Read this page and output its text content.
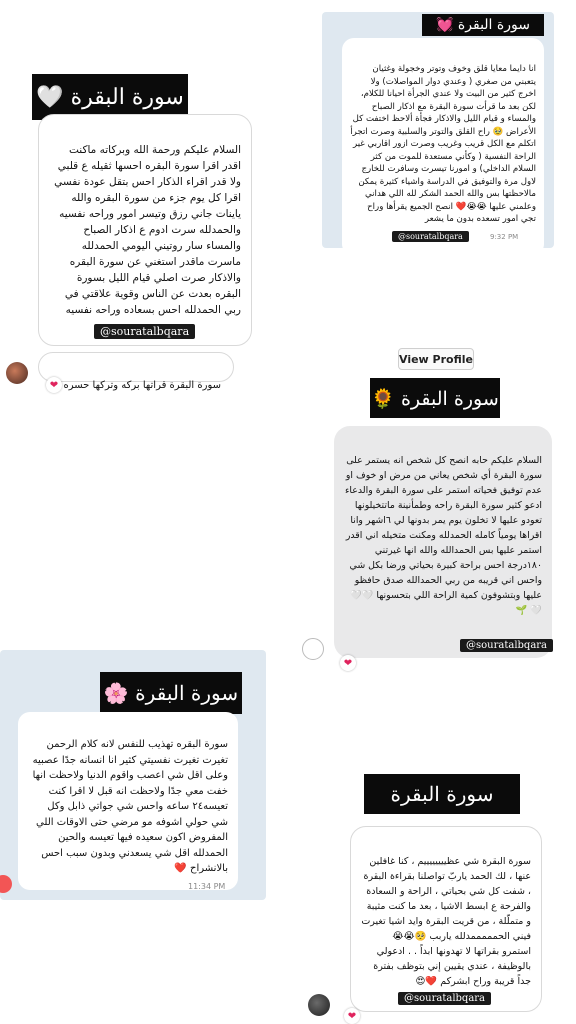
سورة البقرة 💓

انا دايما معايا قلق وخوف وتوتر وخجولة وغثيان يتعبني من صغري ( وعندي دوار المواصلات) ولا اخرج كثير من البيت ولا عندي الجرأة احيانا للكلام، لكن بعد ما قرأت سورة البقرة مع اذكار الصباح والمساء و قيام الليل والاذكار فجأة ألاحظ اختفت كل الأعراض 🥹 راح القلق والتوتر والسلبية وصرت اتجرأ اتكلم مع الكل قريب وغريب وصرت ازور اقاربي غير الراحة النفسية ( وكأني مستعدة للموت من كثر السلام الداخلي) و امورنا تيسرت وسافرت للخارج لاول مرة والتوفيق في الدراسة واشياء كثيرة يمكن مالاحظتها بس والله الحمد الشكر لله اللي هداني وعلمني عليها 😭😭❤️ انصح الجميع يقرأها وراح تجي امور تسعده بدون ما يشعر

@souratalbqara	9:32 PM
View Profile
سورة البقرة 🤍

السلام عليكم ورحمة الله وبركاته ماكنت اقدر اقرا سورة البقره احسها ثقيله ع قلبي ولا قدر اقراء الذكار احس بتقل عودة نفسي اقرا كل يوم جزء من سورة البقره والله ياينات جاني رزق وتيسر امور وراحه نفسيه والحمدلله سرت ادوم ع اذكار الصباح والمساء سار روتيني اليومي الحمدلله ماسرت ماقدر استغني عن سورة البقره والاذكار صرت اصلي قيام الليل بسورة البقره بعدت عن الناس وقوية علاقتي في ربي الحمدلله احس بسعاده وراحه نفسيه

@souratalbqara

سورة البقرة قراتها بركه وتركها حسره

❤
سورة البقرة 🌻

السلام عليكم حابه انصح كل شخص انه يستمر على سورة البقرة أي شخص يعاني من مرض او خوف او عدم توفيق فحياته استمر على سورة البقرة والدعاء ادعو كثير سورة البقرة راحه وطمأنينة ماتتخيلونها تعودو عليها لا تخلون يوم يمر بدونها لي ٦اشهر وانا اقراها يومياً كامله الحمدلله ومكنت متخيله اني اقدر استمر عليها بس الحمدالله والله انها غيرتني ١٨٠درجة احس براحة كبيرة بحياتي ورضا بكل شي واحس اني قريبه من ربي الحمدالله صدق حافظو عليها وبتشوفون كمية الراحة اللي بتحسونها 🤍🤍🤍 🌱

@souratalbqara
❤
سورة البقرة 🌸

سورة البقره تهذيب للنفس لانه كلام الرحمن تغيرت تغيرت نفسيتي كثير انا انسانه جدًا عصبيه وعلى اقل شي اعصب واقوم الدنيا ولاحظت انها خفت معي جدًا ولاحظت انه قبل لا اقرا كنت تعيسه٢٤ ساعه واحس شي جواتي ذابل وكل شي حولي اشوفه مو مرضي حتى الاوقات اللي المفروض اكون سعيده فيها تعيسه والحين الحمدلله اقل شي يسعدني وبدون سبب احس بالانشراح ❤️

11:34 PM
سورة البقرة

سورة البقرة شي عظييييييييم ، كنا غافلين عنها ، لك الحمد ياربّ تواصلنا بقراءة البقرة ، شفت كل شي بحياتي ، الراحة و السعادة والفرحة ع ابسط الاشيا ، بعد ما كنت مثيبة و متملّلة ، من قريت البقرة وايد اشيا تغيرت فيني الحمممممدلله ياربب 🥺😭😭 استمرو بقراتها لا تهدونها ابداً . . ادعولي بالوظيفة ، عندي يقيين إني بتوظف بفترة جداً قريبة وراح ابشركم ❤️😍

@souratalbqara
❤
